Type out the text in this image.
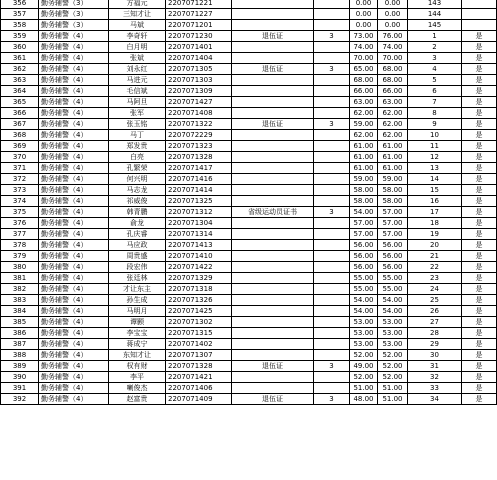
356	勤务辅警（3）	方福元	2207071221			0.00	0.00	143	
357	勤务辅警（3）	三知才让	2207071227			0.00	0.00	144	
358	勤务辅警（3）	马斌	2207071201			0.00	0.00	145	
359	勤务辅警（4）	李奇轩	2207071230	退伍证	3	73.00	76.00	1	是
360	勤务辅警（4）	白月明	2207071401			74.00	74.00	2	是
361	勤务辅警（4）	张斌	2207071404			70.00	70.00	3	是
362	勤务辅警（4）	刘永红	2207071305	退伍证	3	65.00	68.00	4	是
363	勤务辅警（4）	马进元	2207071303			68.00	68.00	5	是
364	勤务辅警（4）	毛信斌	2207071309			66.00	66.00	6	是
365	勤务辅警（4）	马阿旦	2207071427			63.00	63.00	7	是
366	勤务辅警（4）	张军	2207071408			62.00	62.00	8	是
367	勤务辅警（4）	张玉铭	2207071322	退伍证	3	59.00	62.00	9	是
368	勤务辅警（4）	马丁	2207072229			62.00	62.00	10	是
369	勤务辅警（4）	郑发贵	2207071323			61.00	61.00	11	是
370	勤务辅警（4）	白亮	2207071328			61.00	61.00	12	是
371	勤务辅警（4）	孔繁荣	2207071417			61.00	61.00	13	是
372	勤务辅警（4）	何兴明	2207071416			59.00	59.00	14	是
373	勤务辅警（4）	马志龙	2207071414			58.00	58.00	15	是
374	勤务辅警（4）	祁威俊	2207071325			58.00	58.00	16	是
375	勤务辅警（4）	韩青鹏	2207071312	省级运动员证书	3	54.00	57.00	17	是
376	勤务辅警（4）	俞龙	2207071304			57.00	57.00	18	是
377	勤务辅警（4）	孔庆睿	2207071314			57.00	57.00	19	是
378	勤务辅警（4）	马应政	2207071413			56.00	56.00	20	是
379	勤务辅警（4）	周贵盛	2207071410			56.00	56.00	21	是
380	勤务辅警（4）	段宏伟	2207071422			56.00	56.00	22	是
381	勤务辅警（4）	张廷林	2207071329			55.00	55.00	23	是
382	勤务辅警（4）	才让东主	2207071318			55.00	55.00	24	是
383	勤务辅警（4）	孙生成	2207071326			54.00	54.00	25	是
384	勤务辅警（4）	马明月	2207071425			54.00	54.00	26	是
385	勤务辅警（4）	谭颢	2207071302			53.00	53.00	27	是
386	勤务辅警（4）	李宝宝	2207071315			53.00	53.00	28	是
387	勤务辅警（4）	蒋成宁	2207071402			53.00	53.00	29	是
388	勤务辅警（4）	东知才让	2207071307			52.00	52.00	30	是
389	勤务辅警（4）	权有财	2207071328	退伍证	3	49.00	52.00	31	是
390	勤务辅警（4）	李平	2207071421			52.00	52.00	32	是
391	勤务辅警（4）	喇俊杰	2207071406			51.00	51.00	33	是
392	勤务辅警（4）	赵富贵	2207071409	退伍证	3	48.00	51.00	34	是
